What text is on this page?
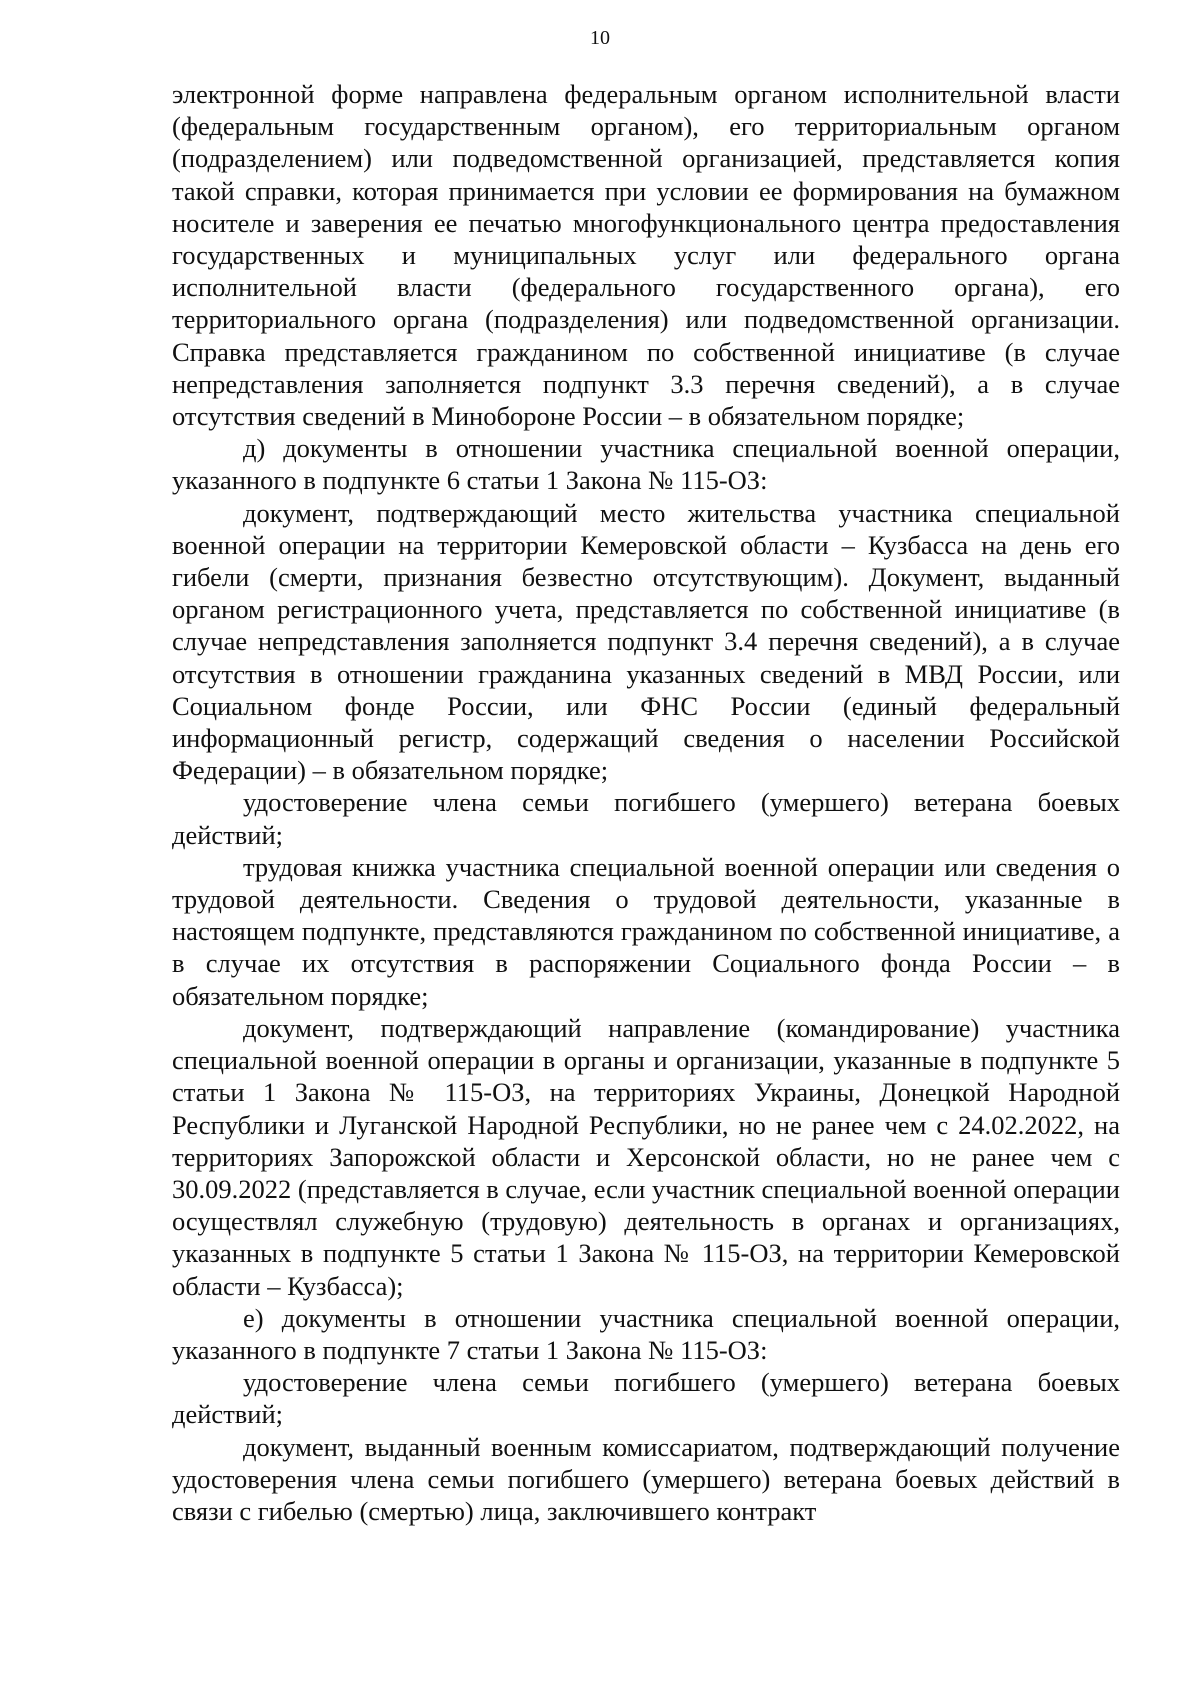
10

электронной форме направлена федеральным органом исполнительной власти (федеральным государственным органом), его территориальным органом (подразделением) или подведомственной организацией, представляется копия такой справки, которая принимается при условии ее формирования на бумажном носителе и заверения ее печатью многофункционального центра предоставления государственных и муниципальных услуг или федерального органа исполнительной власти (федерального государственного органа), его территориального органа (подразделения) или подведомственной организации. Справка представляется гражданином по собственной инициативе (в случае непредставления заполняется подпункт 3.3 перечня сведений), а в случае отсутствия сведений в Минобороне России – в обязательном порядке;

д) документы в отношении участника специальной военной операции, указанного в подпункте 6 статьи 1 Закона № 115-ОЗ:

документ, подтверждающий место жительства участника специальной военной операции на территории Кемеровской области – Кузбасса на день его гибели (смерти, признания безвестно отсутствующим). Документ, выданный органом регистрационного учета, представляется по собственной инициативе (в случае непредставления заполняется подпункт 3.4 перечня сведений), а в случае отсутствия в отношении гражданина указанных сведений в МВД России, или Социальном фонде России, или ФНС России (единый федеральный информационный регистр, содержащий сведения о населении Российской Федерации) – в обязательном порядке;

удостоверение члена семьи погибшего (умершего) ветерана боевых действий;

трудовая книжка участника специальной военной операции или сведения о трудовой деятельности. Сведения о трудовой деятельности, указанные в настоящем подпункте, представляются гражданином по собственной инициативе, а в случае их отсутствия в распоряжении Социального фонда России – в обязательном порядке;

документ, подтверждающий направление (командирование) участника специальной военной операции в органы и организации, указанные в подпункте 5 статьи 1 Закона № 115-ОЗ, на территориях Украины, Донецкой Народной Республики и Луганской Народной Республики, но не ранее чем с 24.02.2022, на территориях Запорожской области и Херсонской области, но не ранее чем с 30.09.2022 (представляется в случае, если участник специальной военной операции осуществлял служебную (трудовую) деятельность в органах и организациях, указанных в подпункте 5 статьи 1 Закона № 115-ОЗ, на территории Кемеровской области – Кузбасса);

е) документы в отношении участника специальной военной операции, указанного в подпункте 7 статьи 1 Закона № 115-ОЗ:

удостоверение члена семьи погибшего (умершего) ветерана боевых действий;

документ, выданный военным комиссариатом, подтверждающий получение удостоверения члена семьи погибшего (умершего) ветерана боевых действий в связи с гибелью (смертью) лица, заключившего контракт
